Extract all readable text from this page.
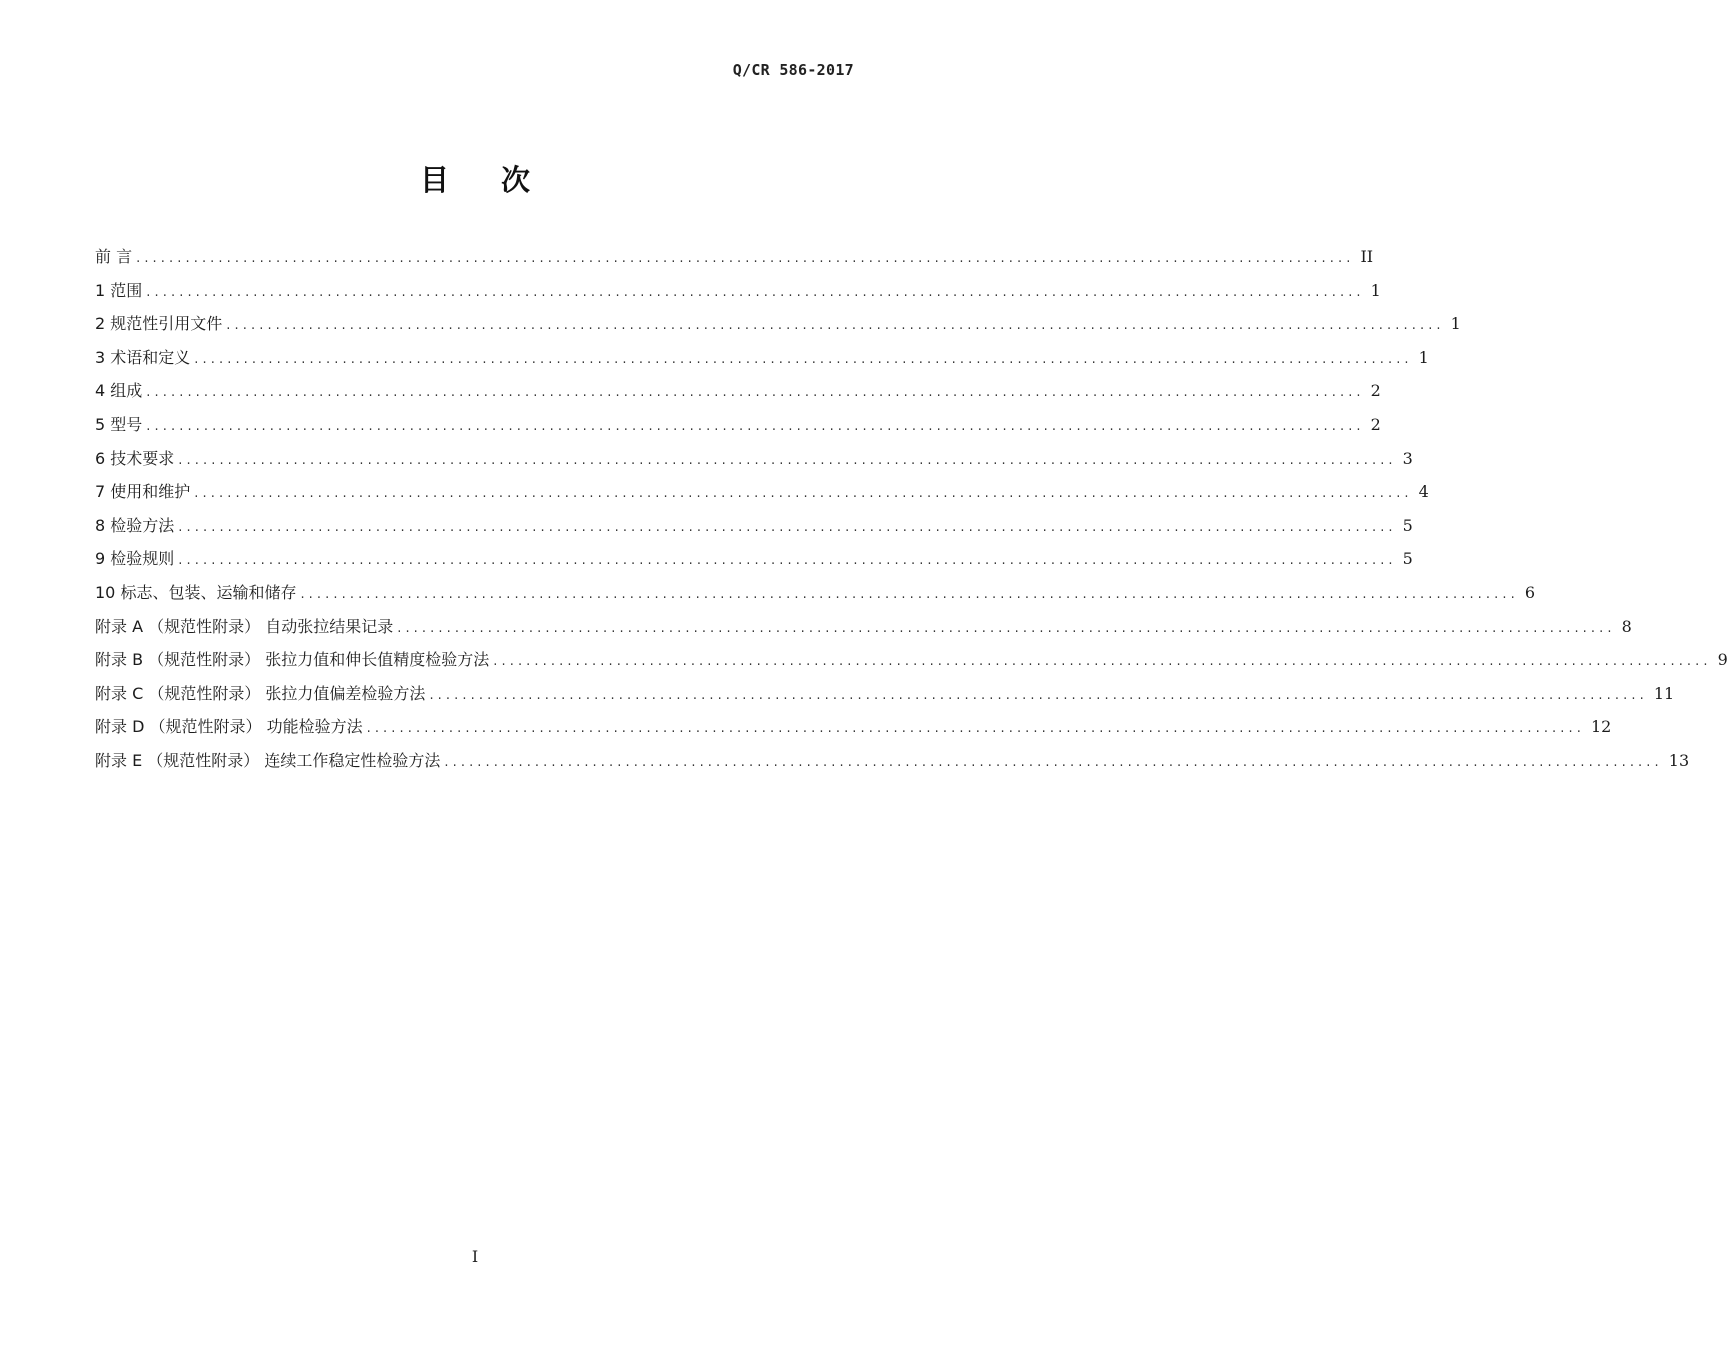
Q/CR 586-2017
目 次
前 言 .................................................................................................................................................... II
1 范围 .................................................................................................................................................... 1
2 规范性引用文件 .................................................................................................................................................... 1
3 术语和定义 .................................................................................................................................................... 1
4 组成 .................................................................................................................................................... 2
5 型号 .................................................................................................................................................... 2
6 技术要求 .................................................................................................................................................... 3
7 使用和维护 .................................................................................................................................................... 4
8 检验方法 .................................................................................................................................................... 5
9 检验规则 .................................................................................................................................................... 5
10 标志、包装、运输和储存 .................................................................................................................................................... 6
附录 A （规范性附录） 自动张拉结果记录 .................................................................................................................................................... 8
附录 B （规范性附录） 张拉力值和伸长值精度检验方法 .................................................................................................................................................... 9
附录 C （规范性附录） 张拉力值偏差检验方法 .................................................................................................................................................... 11
附录 D （规范性附录） 功能检验方法 .................................................................................................................................................... 12
附录 E （规范性附录） 连续工作稳定性检验方法 .................................................................................................................................................... 13
I
